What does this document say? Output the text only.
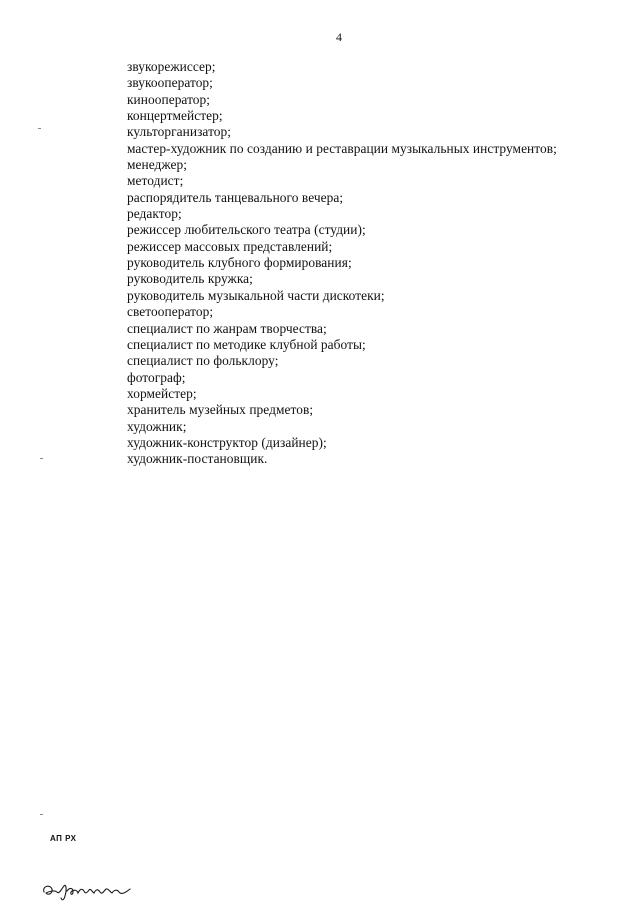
4
звукорежиссер;
звукооператор;
кинооператор;
концертмейстер;
культорганизатор;
мастер-художник по созданию и реставрации музыкальных инструментов;
менеджер;
методист;
распорядитель танцевального вечера;
редактор;
режиссер любительского театра (студии);
режиссер массовых представлений;
руководитель клубного формирования;
руководитель кружка;
руководитель музыкальной части дискотеки;
светооператор;
специалист по жанрам творчества;
специалист по методике клубной работы;
специалист по фольклору;
фотограф;
хормейстер;
хранитель музейных предметов;
художник;
художник-конструктор (дизайнер);
художник-постановщик.
АП РХ
